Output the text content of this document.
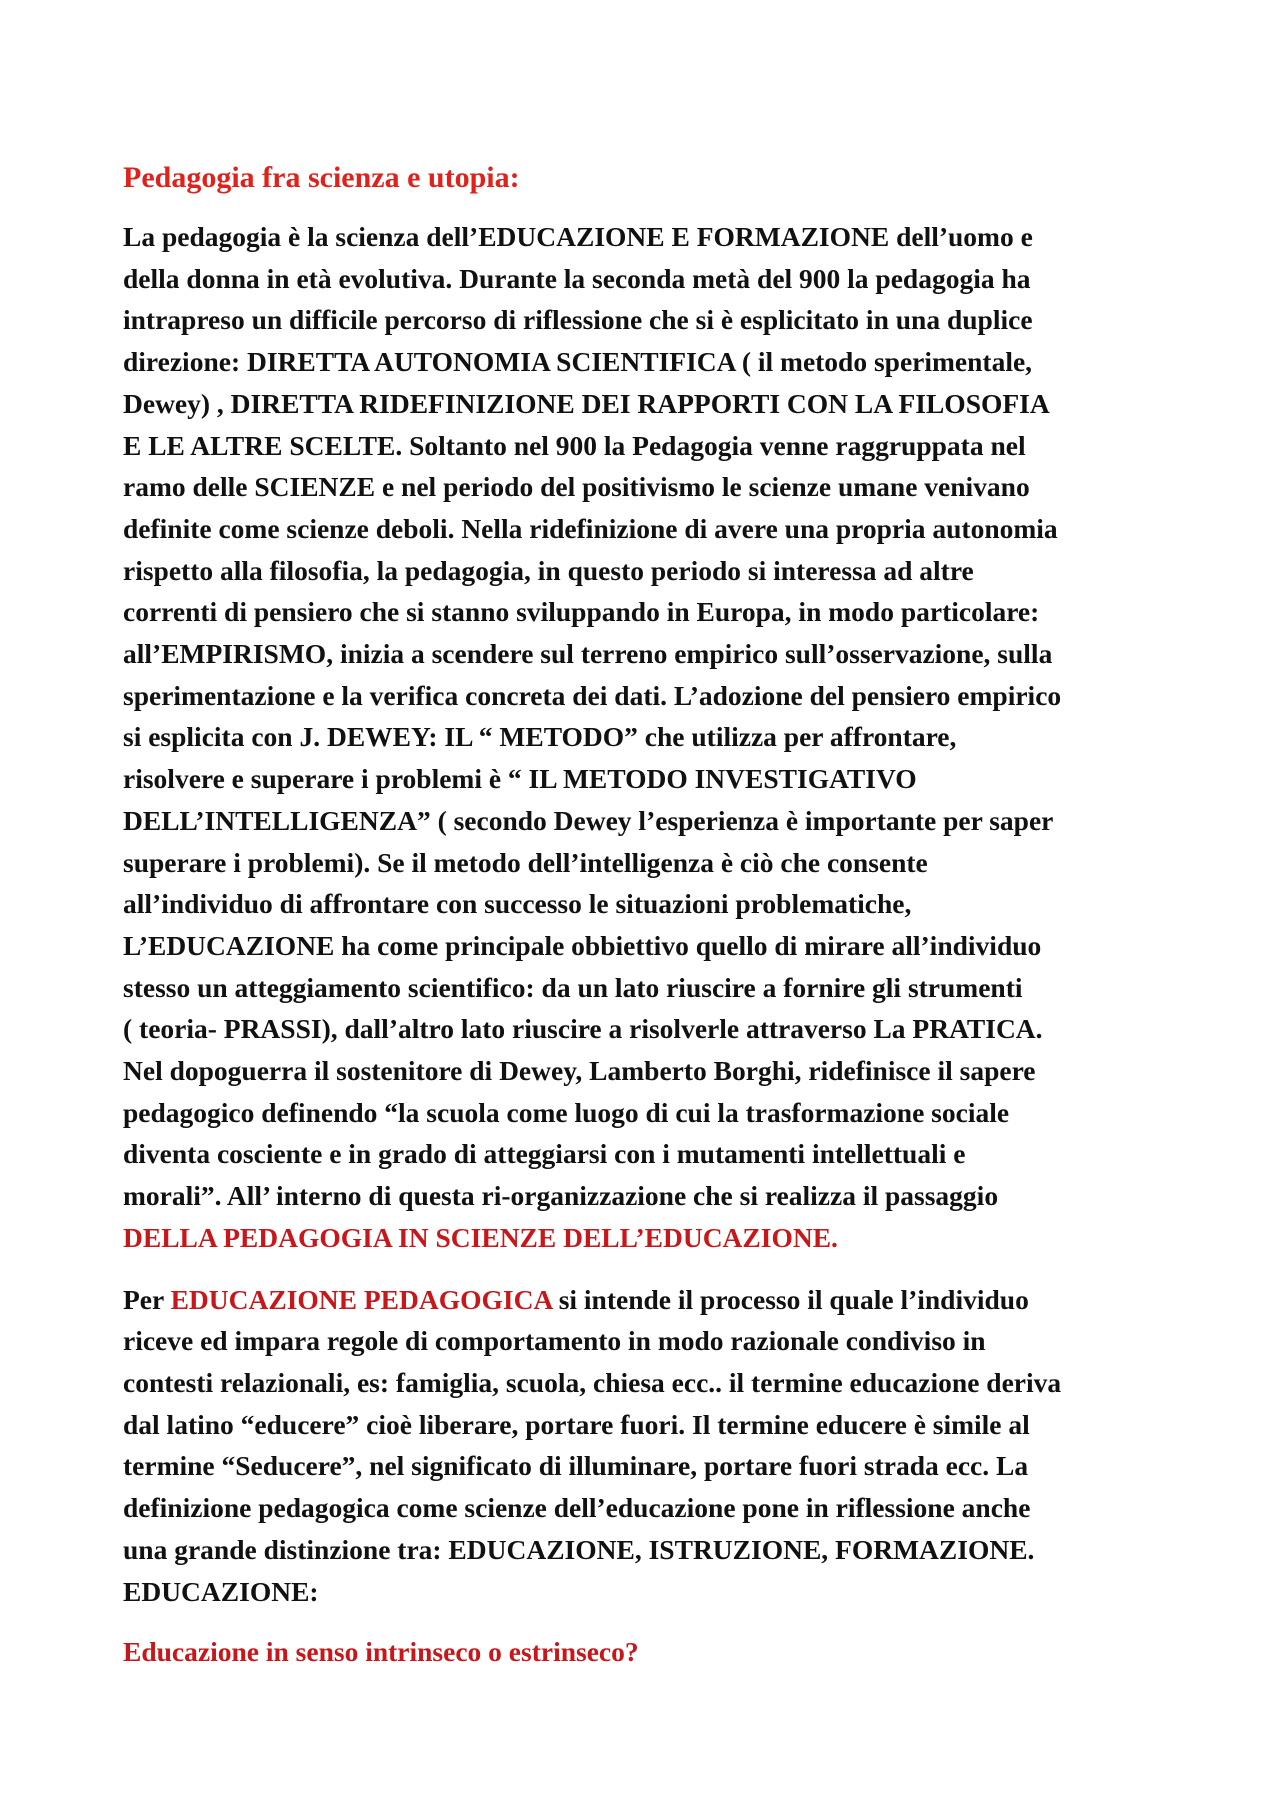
Pedagogia fra scienza e utopia:

La pedagogia è la scienza dell’EDUCAZIONE E FORMAZIONE dell’uomo e
della donna in età evolutiva. Durante la seconda metà del 900 la pedagogia ha
intrapreso un difficile percorso di riflessione che si è esplicitato in una duplice
direzione: DIRETTA AUTONOMIA SCIENTIFICA ( il metodo sperimentale,
Dewey) , DIRETTA RIDEFINIZIONE DEI RAPPORTI CON LA FILOSOFIA
E LE ALTRE SCELTE. Soltanto nel 900 la Pedagogia venne raggruppata nel
ramo delle SCIENZE e nel periodo del positivismo le scienze umane venivano
definite come scienze deboli. Nella ridefinizione di avere una propria autonomia
rispetto alla filosofia, la pedagogia, in questo periodo si interessa ad altre
correnti di pensiero che si stanno sviluppando in Europa, in modo particolare:
all’EMPIRISMO, inizia a scendere sul terreno empirico sull’osservazione, sulla
sperimentazione e la verifica concreta dei dati. L’adozione del pensiero empirico
si esplicita con J. DEWEY: IL “ METODO” che utilizza per affrontare,
risolvere e superare i problemi è “ IL METODO INVESTIGATIVO
DELL’INTELLIGENZA” ( secondo Dewey l’esperienza è importante per saper
superare i problemi). Se il metodo dell’intelligenza è ciò che consente
all’individuo di affrontare con successo le situazioni problematiche,
L’EDUCAZIONE ha come principale obbiettivo quello di mirare all’individuo
stesso un atteggiamento scientifico: da un lato riuscire a fornire gli strumenti
( teoria- PRASSI), dall’altro lato riuscire a risolverle attraverso La PRATICA.
Nel dopoguerra il sostenitore di Dewey, Lamberto Borghi, ridefinisce il sapere
pedagogico definendo “la scuola come luogo di cui la trasformazione sociale
diventa cosciente e in grado di atteggiarsi con i mutamenti intellettuali e
morali”. All’ interno di questa ri-organizzazione che si realizza il passaggio
DELLA PEDAGOGIA IN SCIENZE DELL’EDUCAZIONE.

Per EDUCAZIONE PEDAGOGICA si intende il processo il quale l’individuo
riceve ed impara regole di comportamento in modo razionale condiviso in
contesti relazionali, es: famiglia, scuola, chiesa ecc.. il termine educazione deriva
dal latino “educere” cioè liberare, portare fuori. Il termine educere è simile al
termine “Seducere”, nel significato di illuminare, portare fuori strada ecc. La
definizione pedagogica come scienze dell’educazione pone in riflessione anche
una grande distinzione tra: EDUCAZIONE, ISTRUZIONE, FORMAZIONE.
EDUCAZIONE:

Educazione in senso intrinseco o estrinseco?
